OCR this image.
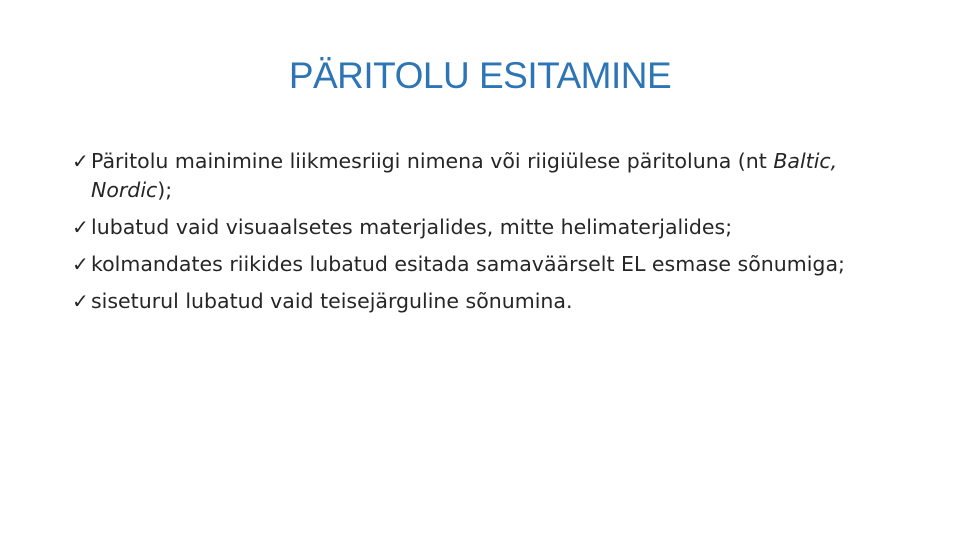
PÄRITOLU ESITAMINE
✓ Päritolu mainimine liikmesriigi nimena või riigiülese päritoluna (nt Baltic, Nordic);
✓ lubatud vaid visuaalsetes materjalides, mitte helimaterjalides;
✓ kolmandates riikides lubatud esitada samaväärselt EL esmase sõnumiga;
✓ siseturul lubatud vaid teisejärguline sõnumina.
